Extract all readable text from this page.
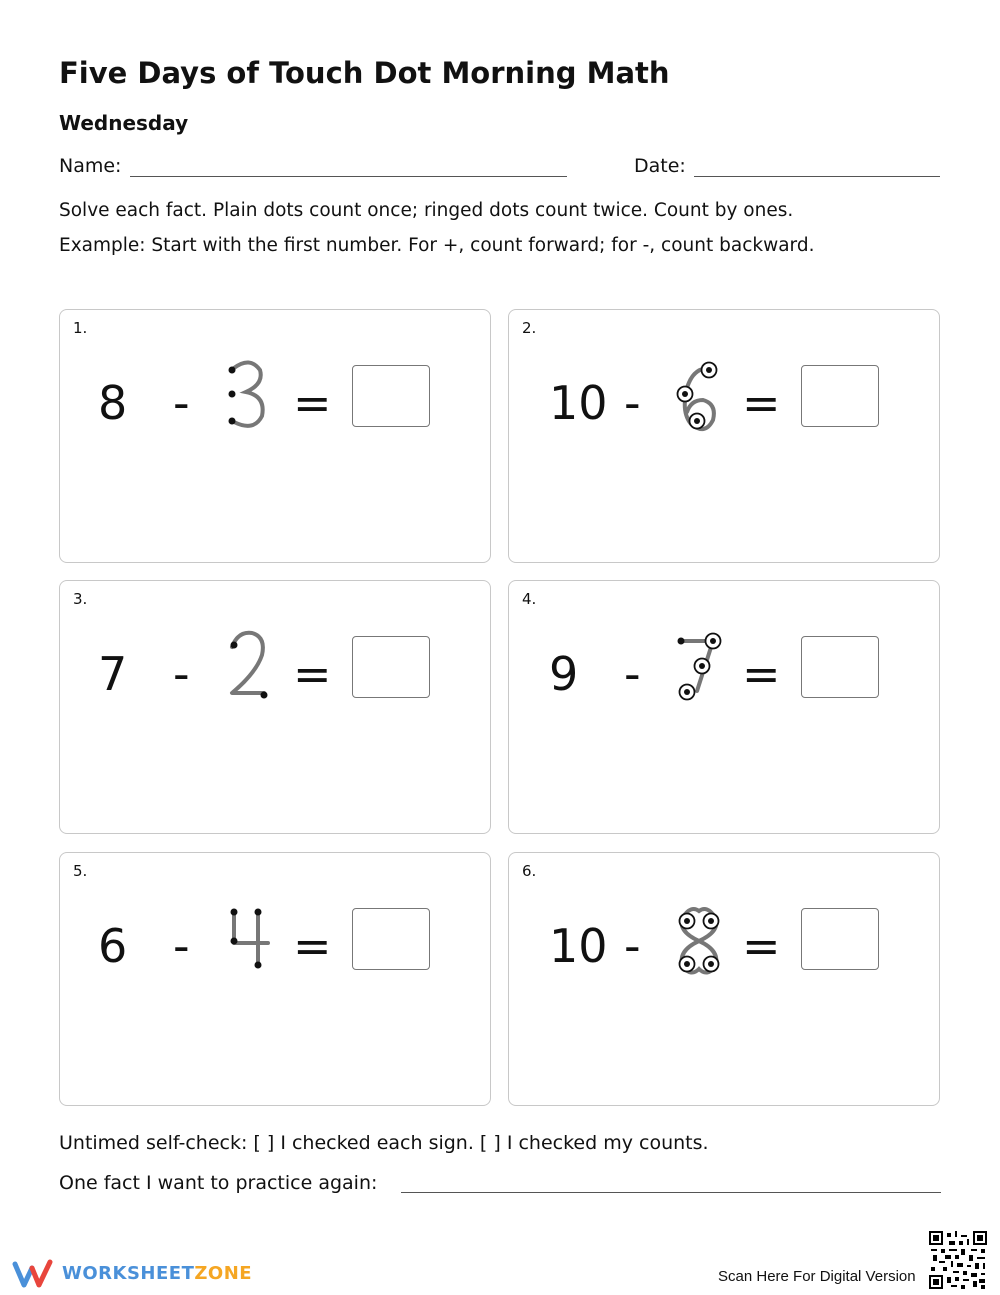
Five Days of Touch Dot Morning Math
Wednesday
Name:	Date:
Solve each fact. Plain dots count once; ringed dots count twice. Count by ones.
Example: Start with the first number. For +, count forward; for -, count backward.
1.
8 - =
2.
10 - =
3.
7 - =
4.
9 - =
5.
6 - =
6.
10 - =
Untimed self-check: [ ] I checked each sign. [ ] I checked my counts.
One fact I want to practice again:
WORKSHEETZONE	Scan Here For Digital Version
